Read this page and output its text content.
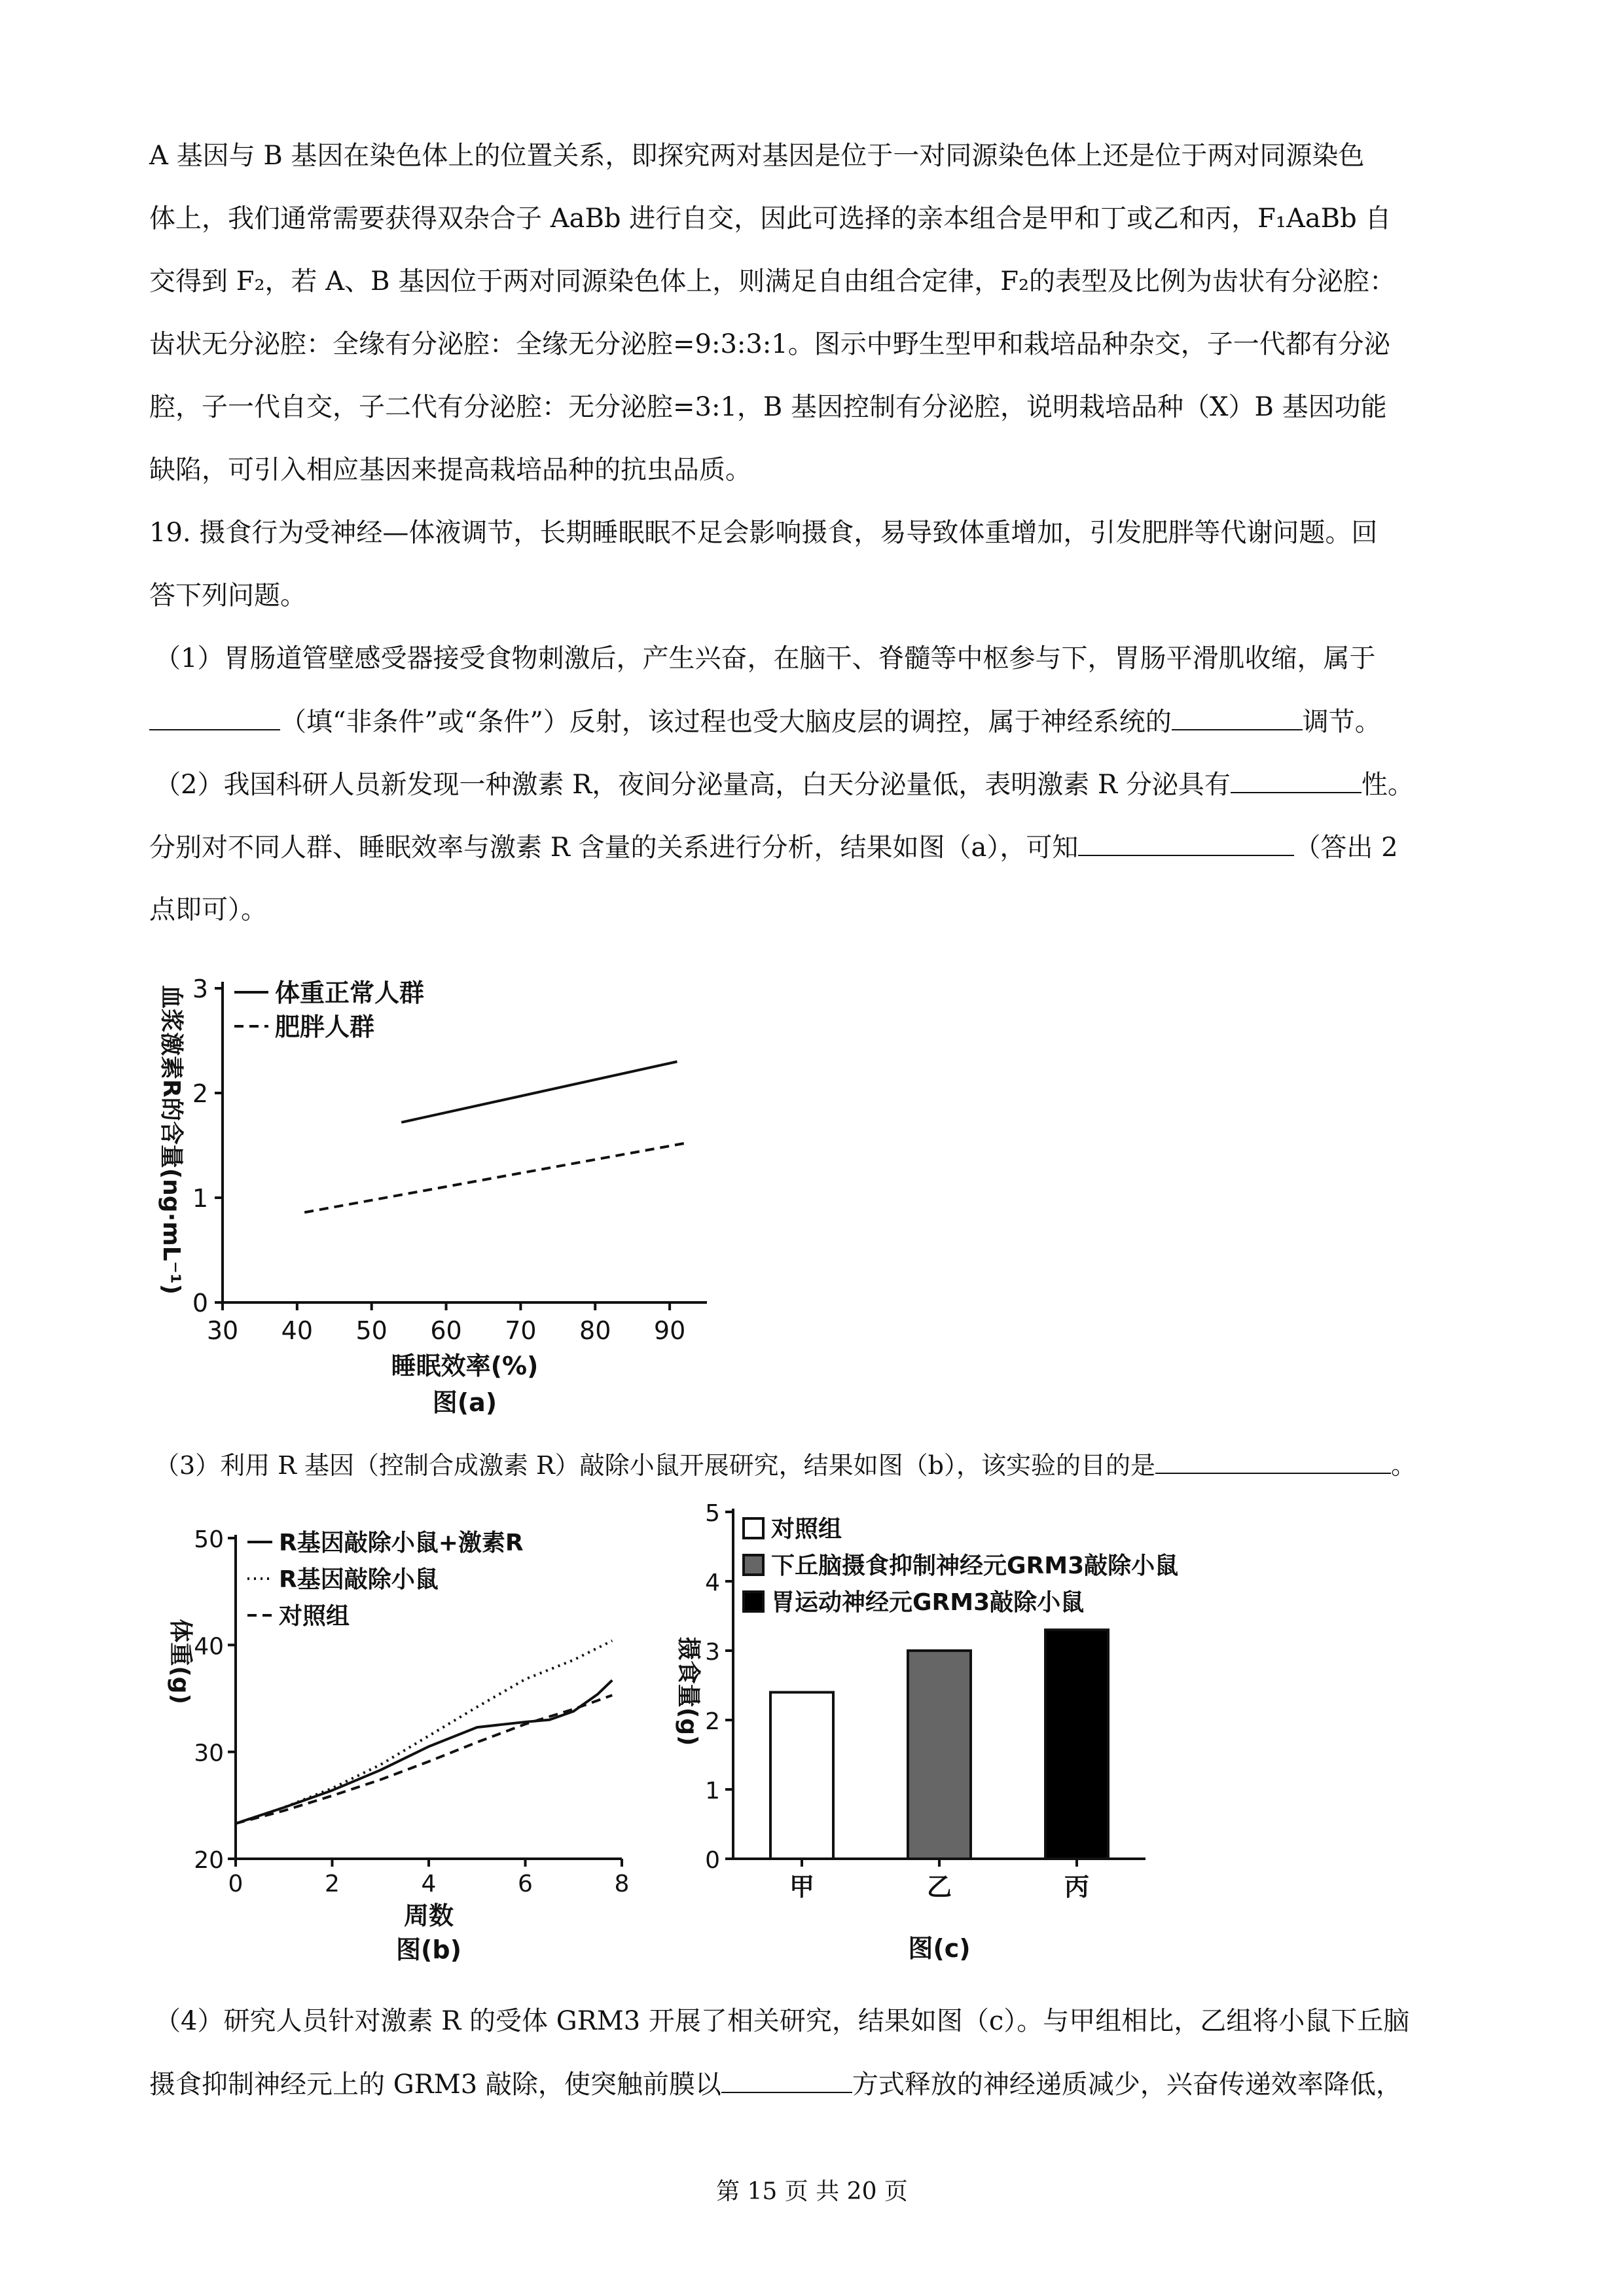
A 基因与 B 基因在染色体上的位置关系，即探究两对基因是位于一对同源染色体上还是位于两对同源染色
体上，我们通常需要获得双杂合子 AaBb 进行自交，因此可选择的亲本组合是甲和丁或乙和丙，F₁AaBb 自
交得到 F₂，若 A、B 基因位于两对同源染色体上，则满足自由组合定律，F₂的表型及比例为齿状有分泌腔：
齿状无分泌腔：全缘有分泌腔：全缘无分泌腔=9:3:3:1。图示中野生型甲和栽培品种杂交，子一代都有分泌
腔，子一代自交，子二代有分泌腔：无分泌腔=3:1，B 基因控制有分泌腔，说明栽培品种（X）B 基因功能
缺陷，可引入相应基因来提高栽培品种的抗虫品质。
19. 摄食行为受神经—体液调节，长期睡眠眠不足会影响摄食，易导致体重增加，引发肥胖等代谢问题。回
答下列问题。
（1）胃肠道管壁感受器接受食物刺激后，产生兴奋，在脑干、脊髓等中枢参与下，胃肠平滑肌收缩，属于
（填“非条件”或“条件”）反射，该过程也受大脑皮层的调控，属于神经系统的	调节。
（2）我国科研人员新发现一种激素 R，夜间分泌量高，白天分泌量低，表明激素 R 分泌具有	性。
分别对不同人群、睡眠效率与激素 R 含量的关系进行分析，结果如图（a），可知	（答出 2
点即可）。
0
1
2
3
30 40 50 60 70 80 90
体重正常人群
肥胖人群
血浆激素R的含量(ng·mL⁻¹)
睡眠效率(%)
图(a)
（3）利用 R 基因（控制合成激素 R）敲除小鼠开展研究，结果如图（b），该实验的目的是	。
20
30
40
50
0	2	4	6	8
R基因敲除小鼠+激素R
R基因敲除小鼠
对照组
体重(g)
周数
图(b)
0
1
2
3
4
5
甲	乙	丙
对照组
下丘脑摄食抑制神经元GRM3敲除小鼠
胃运动神经元GRM3敲除小鼠
摄食量(g)
图(c)
（4）研究人员针对激素 R 的受体 GRM3 开展了相关研究，结果如图（c）。与甲组相比，乙组将小鼠下丘脑
摄食抑制神经元上的 GRM3 敲除，使突触前膜以	方式释放的神经递质减少，兴奋传递效率降低，
第 15 页 共 20 页
